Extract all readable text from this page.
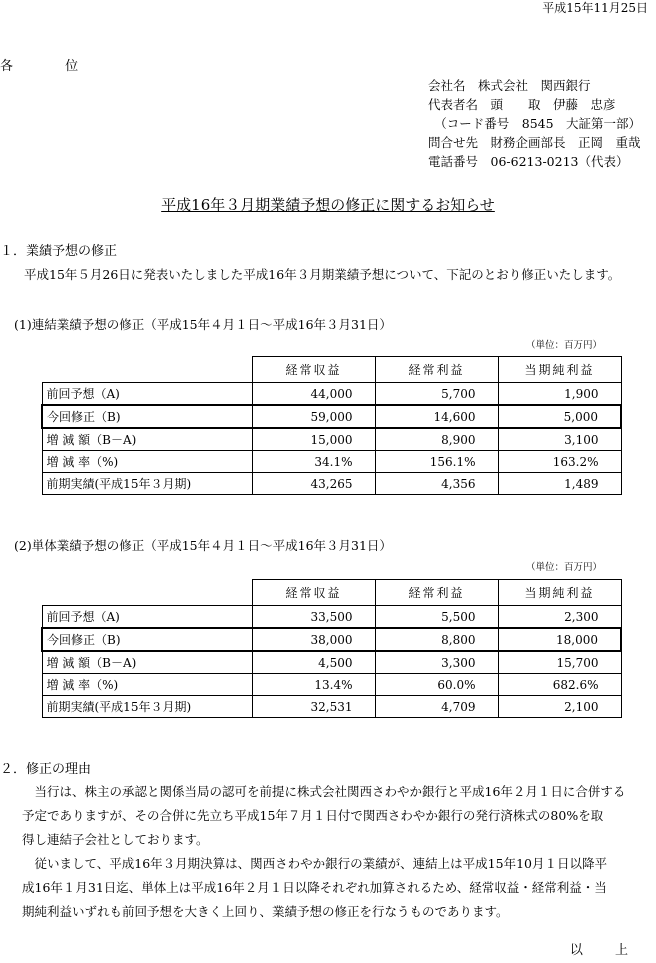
平成15年11月25日
各 位
会社名　株式会社　関西銀行
代表者名　頭　　取　伊藤　忠彦
　（コード番号　8545　大証第一部）
問合せ先　財務企画部長　正岡　重哉
電話番号　06-6213-0213（代表）
平成16年３月期業績予想の修正に関するお知らせ
１．業績予想の修正
平成15年５月26日に発表いたしました平成16年３月期業績予想について、下記のとおり修正いたします。
(1)連結業績予想の修正（平成15年４月１日～平成16年３月31日）
（単位：百万円）
	経常収益	経常利益	当期純利益
前回予想（A)	44,000	5,700	1,900
今回修正（B)	59,000	14,600	5,000
増 減 額（B－A)	15,000	8,900	3,100
増 減 率（%)	34.1%	156.1%	163.2%
前期実績(平成15年３月期)	43,265	4,356	1,489
(2)単体業績予想の修正（平成15年４月１日～平成16年３月31日）
（単位：百万円）
	経常収益	経常利益	当期純利益
前回予想（A)	33,500	5,500	2,300
今回修正（B)	38,000	8,800	18,000
増 減 額（B－A)	4,500	3,300	15,700
増 減 率（%)	13.4%	60.0%	682.6%
前期実績(平成15年３月期)	32,531	4,709	2,100
２．修正の理由
　当行は、株主の承認と関係当局の認可を前提に株式会社関西さわやか銀行と平成16年２月１日に合併する
予定でありますが、その合併に先立ち平成15年７月１日付で関西さわやか銀行の発行済株式の80%を取
得し連結子会社としております。
　従いまして、平成16年３月期決算は、関西さわやか銀行の業績が、連結上は平成15年10月１日以降平
成16年１月31日迄、単体上は平成16年２月１日以降それぞれ加算されるため、経常収益・経常利益・当
期純利益いずれも前回予想を大きく上回り、業績予想の修正を行なうものであります。
以 上
